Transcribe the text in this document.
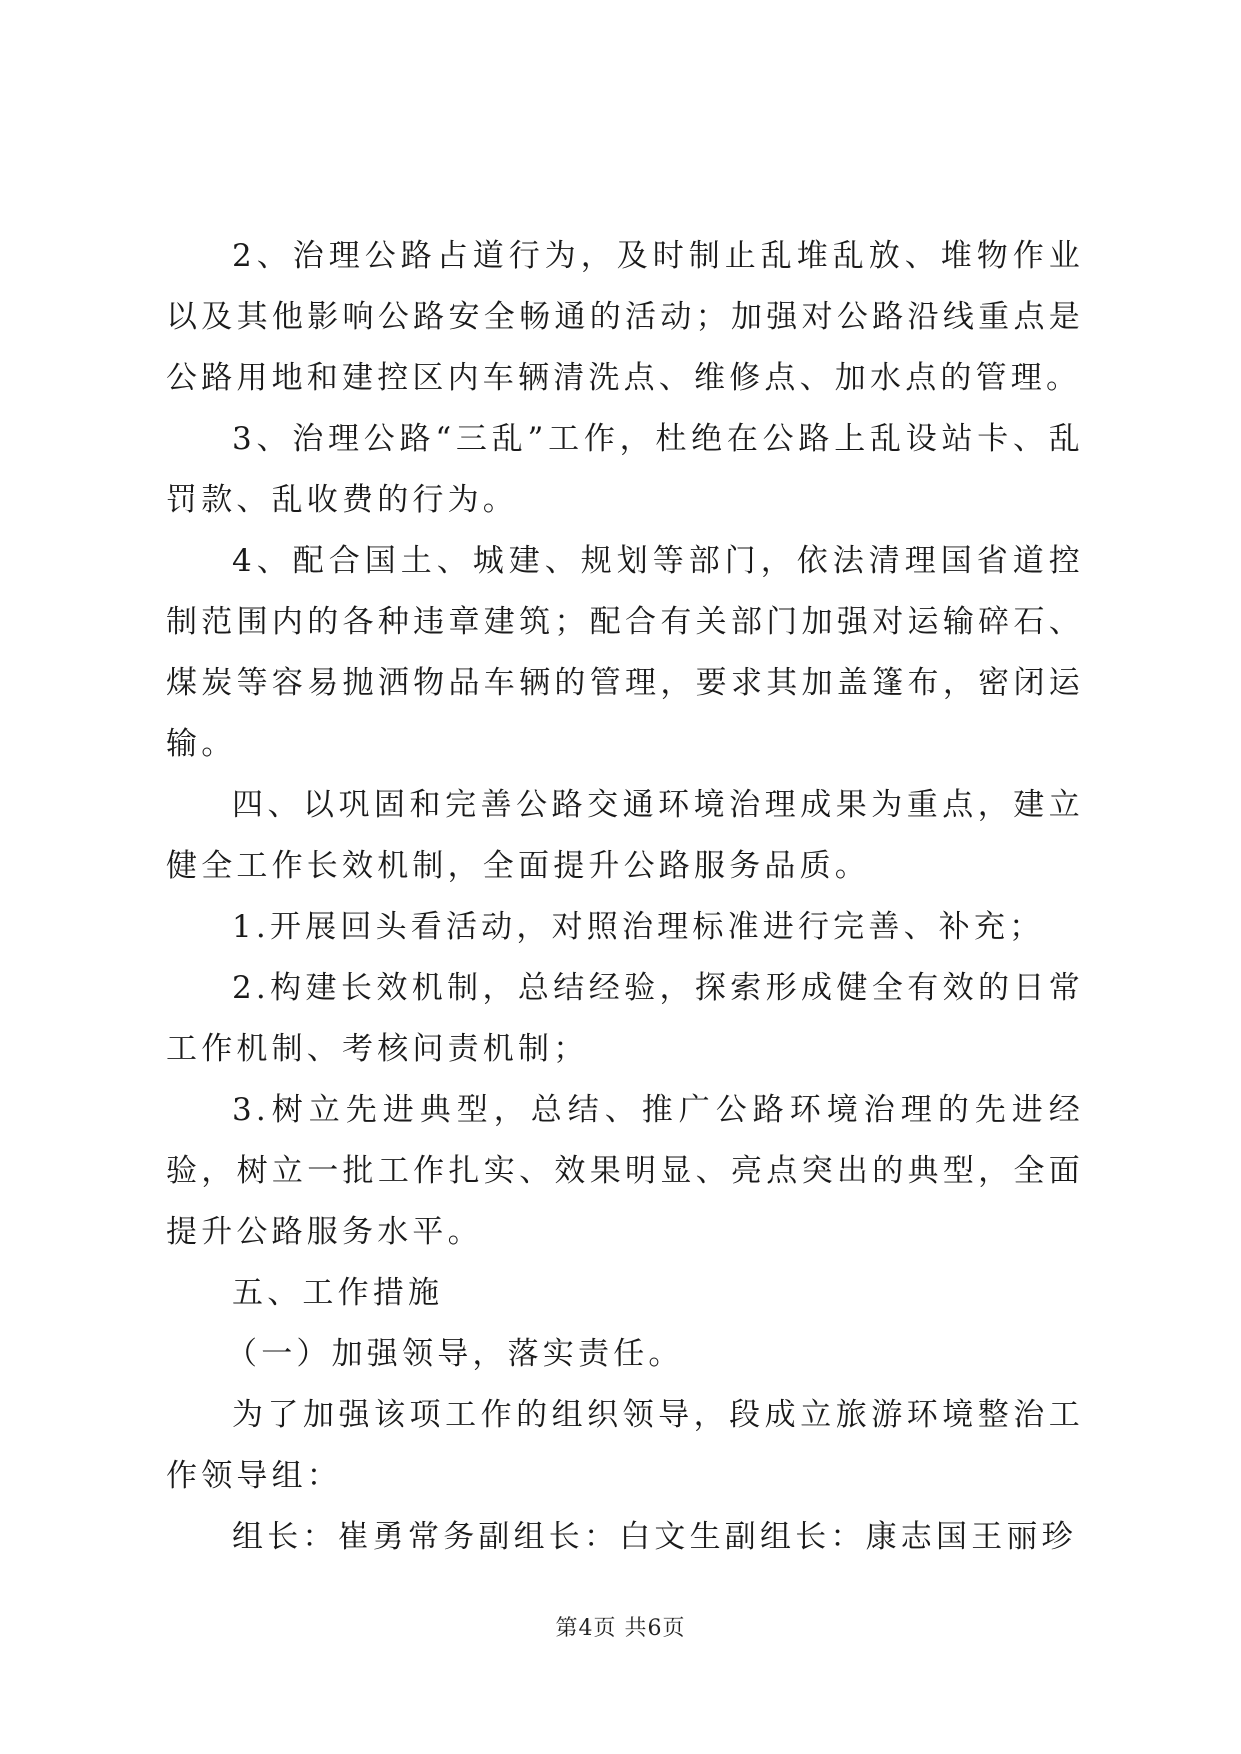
2、治理公路占道行为，及时制止乱堆乱放、堆物作业以及其他影响公路安全畅通的活动；加强对公路沿线重点是公路用地和建控区内车辆清洗点、维修点、加水点的管理。

3、治理公路“三乱”工作，杜绝在公路上乱设站卡、乱罚款、乱收费的行为。

4、配合国土、城建、规划等部门，依法清理国省道控制范围内的各种违章建筑；配合有关部门加强对运输碎石、煤炭等容易抛洒物品车辆的管理，要求其加盖篷布，密闭运输。

四、以巩固和完善公路交通环境治理成果为重点，建立健全工作长效机制，全面提升公路服务品质。

1.开展回头看活动，对照治理标准进行完善、补充；

2.构建长效机制，总结经验，探索形成健全有效的日常工作机制、考核问责机制；

3.树立先进典型，总结、推广公路环境治理的先进经验，树立一批工作扎实、效果明显、亮点突出的典型，全面提升公路服务水平。

五、工作措施

（一）加强领导，落实责任。

为了加强该项工作的组织领导，段成立旅游环境整治工作领导组：

组长：崔勇常务副组长：白文生副组长：康志国王丽珍

第4页 共6页
